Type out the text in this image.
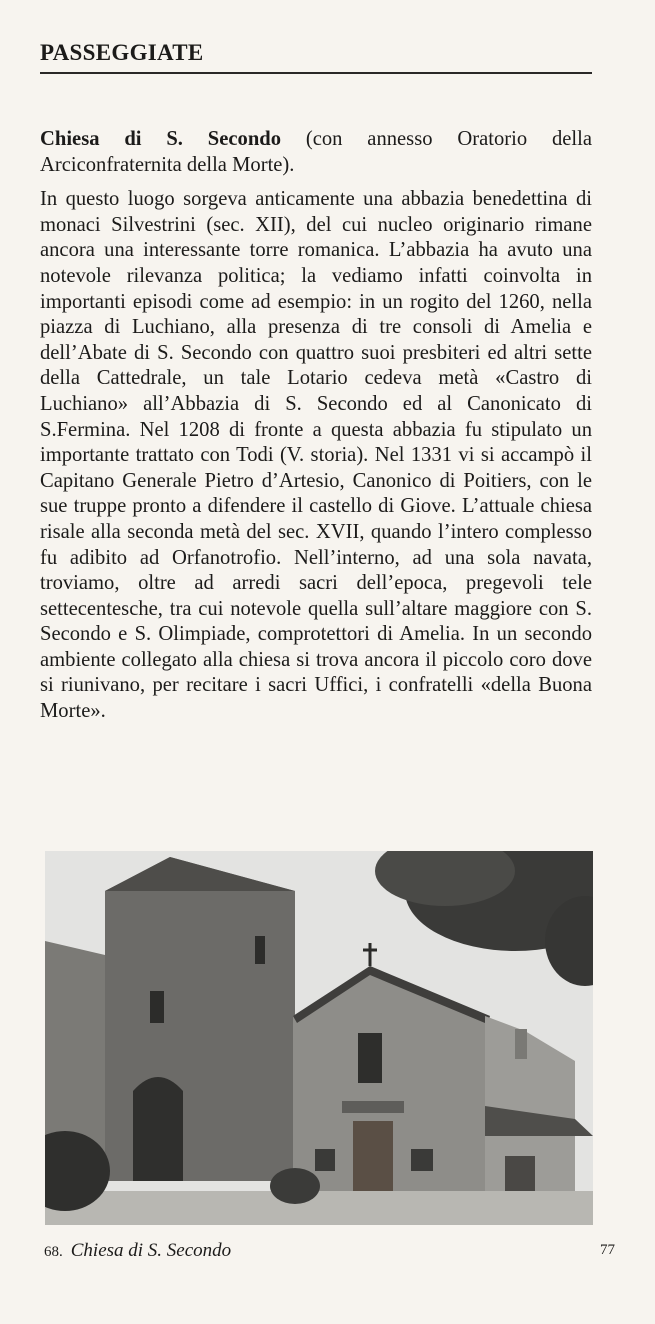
PASSEGGIATE

Chiesa di S. Secondo (con annesso Oratorio della Arciconfraternita della Morte).

In questo luogo sorgeva anticamente una abbazia benedettina di monaci Silvestrini (sec. XII), del cui nucleo originario rimane ancora una interessante torre romanica. L’abbazia ha avuto una notevole rilevanza politica; la vediamo infatti coinvolta in importanti episodi come ad esempio: in un rogito del 1260, nella piazza di Luchiano, alla presenza di tre consoli di Amelia e dell’Abate di S. Secondo con quattro suoi presbiteri ed altri sette della Cattedrale, un tale Lotario cedeva metà «Castro di Luchiano» all’Abbazia di S. Secondo ed al Canonicato di S.Fermina. Nel 1208 di fronte a questa abbazia fu stipulato un importante trattato con Todi (V. storia). Nel 1331 vi si accampò il Capitano Generale Pietro d’Artesio, Canonico di Poitiers, con le sue truppe pronto a difendere il castello di Giove. L’attuale chiesa risale alla seconda metà del sec. XVII, quando l’intero complesso fu adibito ad Orfanotrofio. Nell’interno, ad una sola navata, troviamo, oltre ad arredi sacri dell’epoca, pregevoli tele settecentesche, tra cui notevole quella sull’altare maggiore con S. Secondo e S. Olimpiade, comprotettori di Amelia. In un secondo ambiente collegato alla chiesa si trova ancora il piccolo coro dove si riunivano, per recitare i sacri Uffici, i confratelli «della Buona Morte».

68. Chiesa di S. Secondo	77
